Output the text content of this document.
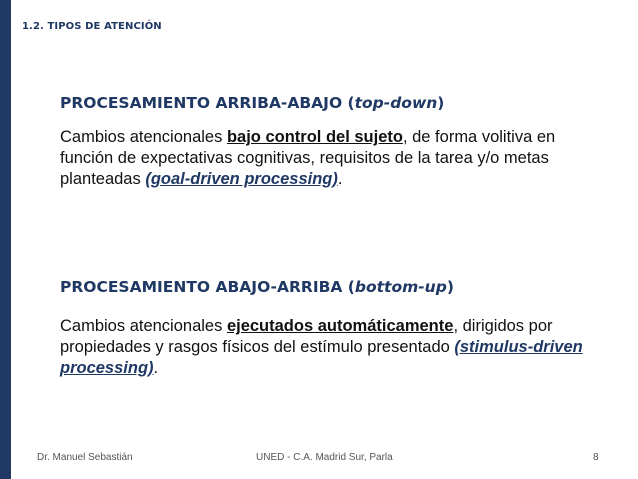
1.2. TIPOS DE ATENCIÓN
PROCESAMIENTO ARRIBA-ABAJO (top-down)
Cambios atencionales bajo control del sujeto, de forma volitiva en función de expectativas cognitivas, requisitos de la tarea y/o metas planteadas (goal-driven processing).
PROCESAMIENTO ABAJO-ARRIBA (bottom-up)
Cambios atencionales ejecutados automáticamente, dirigidos por propiedades y rasgos físicos del estímulo presentado (stimulus-driven processing).
Dr. Manuel Sebastián	UNED - C.A. Madrid Sur, Parla	8
